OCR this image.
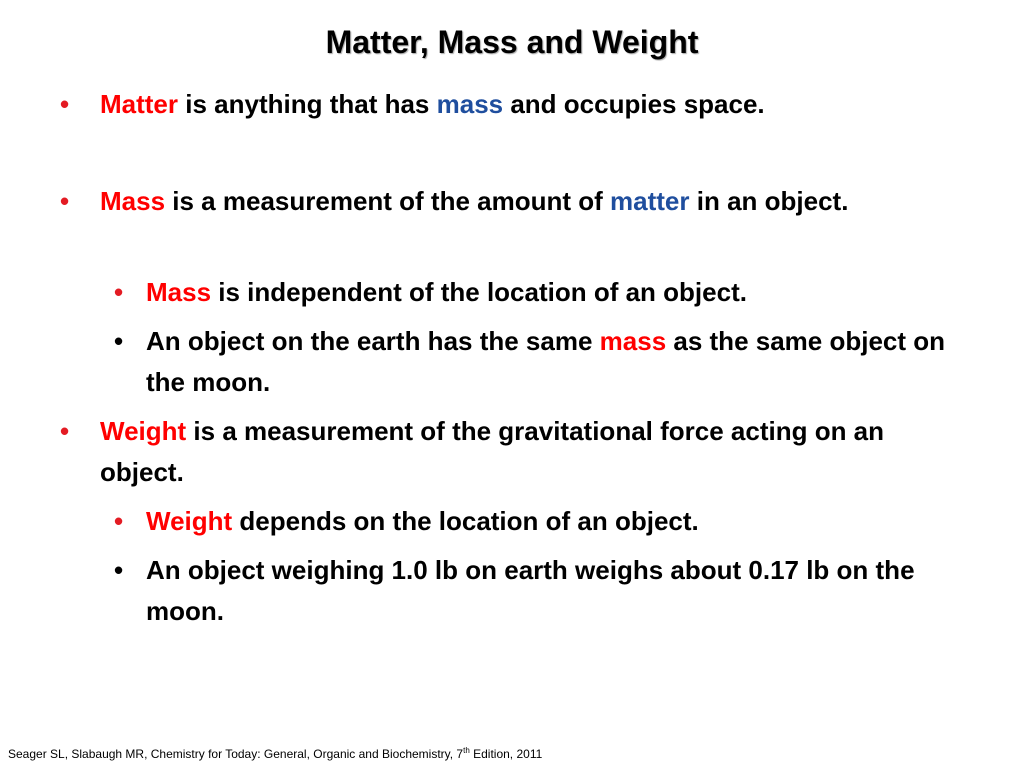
Matter, Mass and Weight
• Matter is anything that has mass and occupies space.
• Mass is a measurement of the amount of matter in an object.
• Mass is independent of the location of an object.
• An object on the earth has the same mass as the same object on the moon.
• Weight is a measurement of the gravitational force acting on an object.
• Weight depends on the location of an object.
• An object weighing 1.0 lb on earth weighs about 0.17 lb on the moon.
Seager SL, Slabaugh MR, Chemistry for Today: General, Organic and Biochemistry, 7th Edition, 2011
